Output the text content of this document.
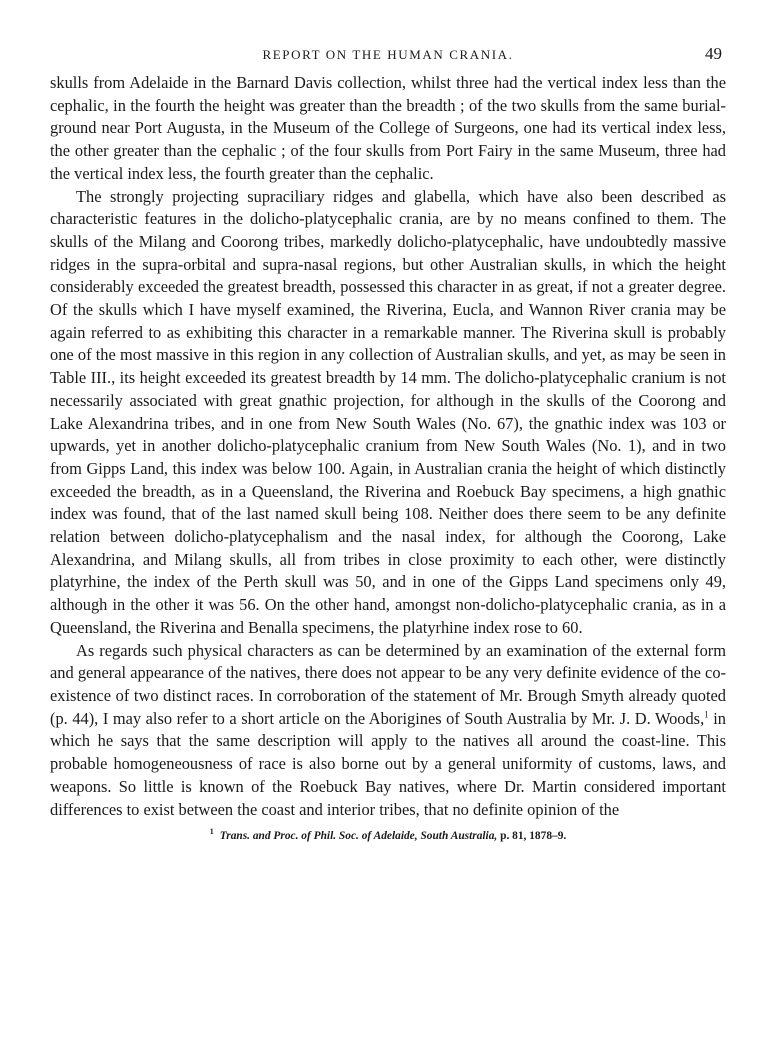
REPORT ON THE HUMAN CRANIA.	49

skulls from Adelaide in the Barnard Davis collection, whilst three had the vertical index less than the cephalic, in the fourth the height was greater than the breadth ; of the two skulls from the same burial-ground near Port Augusta, in the Museum of the College of Surgeons, one had its vertical index less, the other greater than the cephalic ; of the four skulls from Port Fairy in the same Museum, three had the vertical index less, the fourth greater than the cephalic.

The strongly projecting supraciliary ridges and glabella, which have also been described as characteristic features in the dolicho-platycephalic crania, are by no means confined to them. The skulls of the Milang and Coorong tribes, markedly dolicho-platycephalic, have undoubtedly massive ridges in the supra-orbital and supra-nasal regions, but other Australian skulls, in which the height considerably exceeded the greatest breadth, possessed this character in as great, if not a greater degree. Of the skulls which I have myself examined, the Riverina, Eucla, and Wannon River crania may be again referred to as exhibiting this character in a remarkable manner. The Riverina skull is probably one of the most massive in this region in any collection of Australian skulls, and yet, as may be seen in Table III., its height exceeded its greatest breadth by 14 mm. The dolicho-platycephalic cranium is not necessarily associated with great gnathic projection, for although in the skulls of the Coorong and Lake Alexandrina tribes, and in one from New South Wales (No. 67), the gnathic index was 103 or upwards, yet in another dolicho-platycephalic cranium from New South Wales (No. 1), and in two from Gipps Land, this index was below 100. Again, in Australian crania the height of which distinctly exceeded the breadth, as in a Queensland, the Riverina and Roebuck Bay specimens, a high gnathic index was found, that of the last named skull being 108. Neither does there seem to be any definite relation between dolicho-platycephalism and the nasal index, for although the Coorong, Lake Alexandrina, and Milang skulls, all from tribes in close proximity to each other, were distinctly platyrhine, the index of the Perth skull was 50, and in one of the Gipps Land specimens only 49, although in the other it was 56. On the other hand, amongst non-dolicho-platycephalic crania, as in a Queensland, the Riverina and Benalla specimens, the platyrhine index rose to 60.

As regards such physical characters as can be determined by an examination of the external form and general appearance of the natives, there does not appear to be any very definite evidence of the co-existence of two distinct races. In corroboration of the statement of Mr. Brough Smyth already quoted (p. 44), I may also refer to a short article on the Aborigines of South Australia by Mr. J. D. Woods,$^1$ in which he says that the same description will apply to the natives all around the coast-line. This probable homogeneousness of race is also borne out by a general uniformity of customs, laws, and weapons. So little is known of the Roebuck Bay natives, where Dr. Martin considered important differences to exist between the coast and interior tribes, that no definite opinion of the

$^1$ Trans. and Proc. of Phil. Soc. of Adelaide, South Australia, p. 81, 1878–9.
